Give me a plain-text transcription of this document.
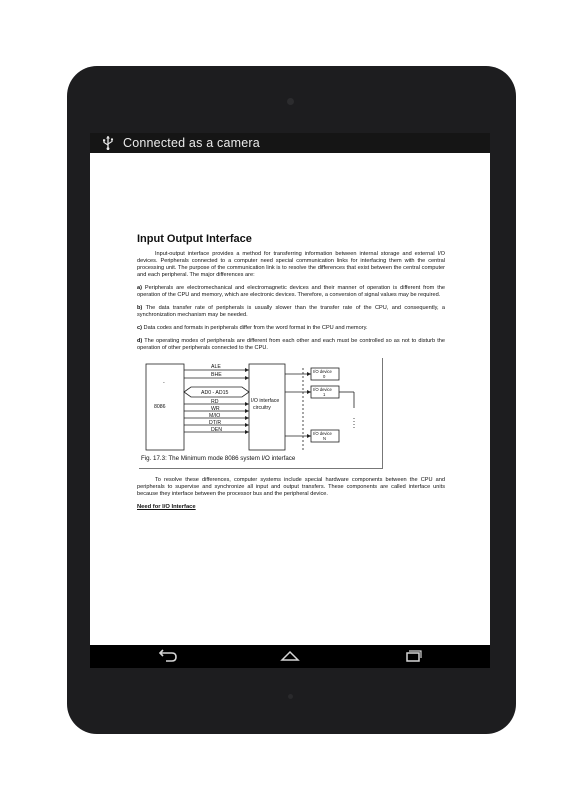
Connected as a camera
Input Output Interface

Input-output interface provides a method for transferring information between internal storage and external I/O devices. Peripherals connected to a computer need special communication links for interfacing them with the central processing unit. The purpose of the communication link is to resolve the differences that exist between the central computer and each peripheral. The major differences are:

a) Peripherals are electromechanical and electromagnetic devices and their manner of operation is different from the operation of the CPU and memory, which are electronic devices. Therefore, a conversion of signal values may be required.

b) The data transfer rate of peripherals is usually slower than the transfer rate of the CPU, and consequently, a synchronization mechanism may be needed.

c) Data codes and formats in peripherals differ from the word format in the CPU and memory.

d) The operating modes of peripherals are different from each other and each must be controlled so as not to disturb the operation of other peripherals connected to the CPU.

-
8086
I/O interface
circuitry
ALE
BHE
AD0 - AD15
RD
WR
M/IO
DT/R
DEN
I/O device
0
I/O device
1
I/O device
N
Fig. 17.3: The Minimum mode 8086 system I/O interface

To resolve these differences, computer systems include special hardware components between the CPU and peripherals to supervise and synchronize all input and output transfers. These components are called interface units because they interface between the processor bus and the peripheral device.

Need for I/O Interface
